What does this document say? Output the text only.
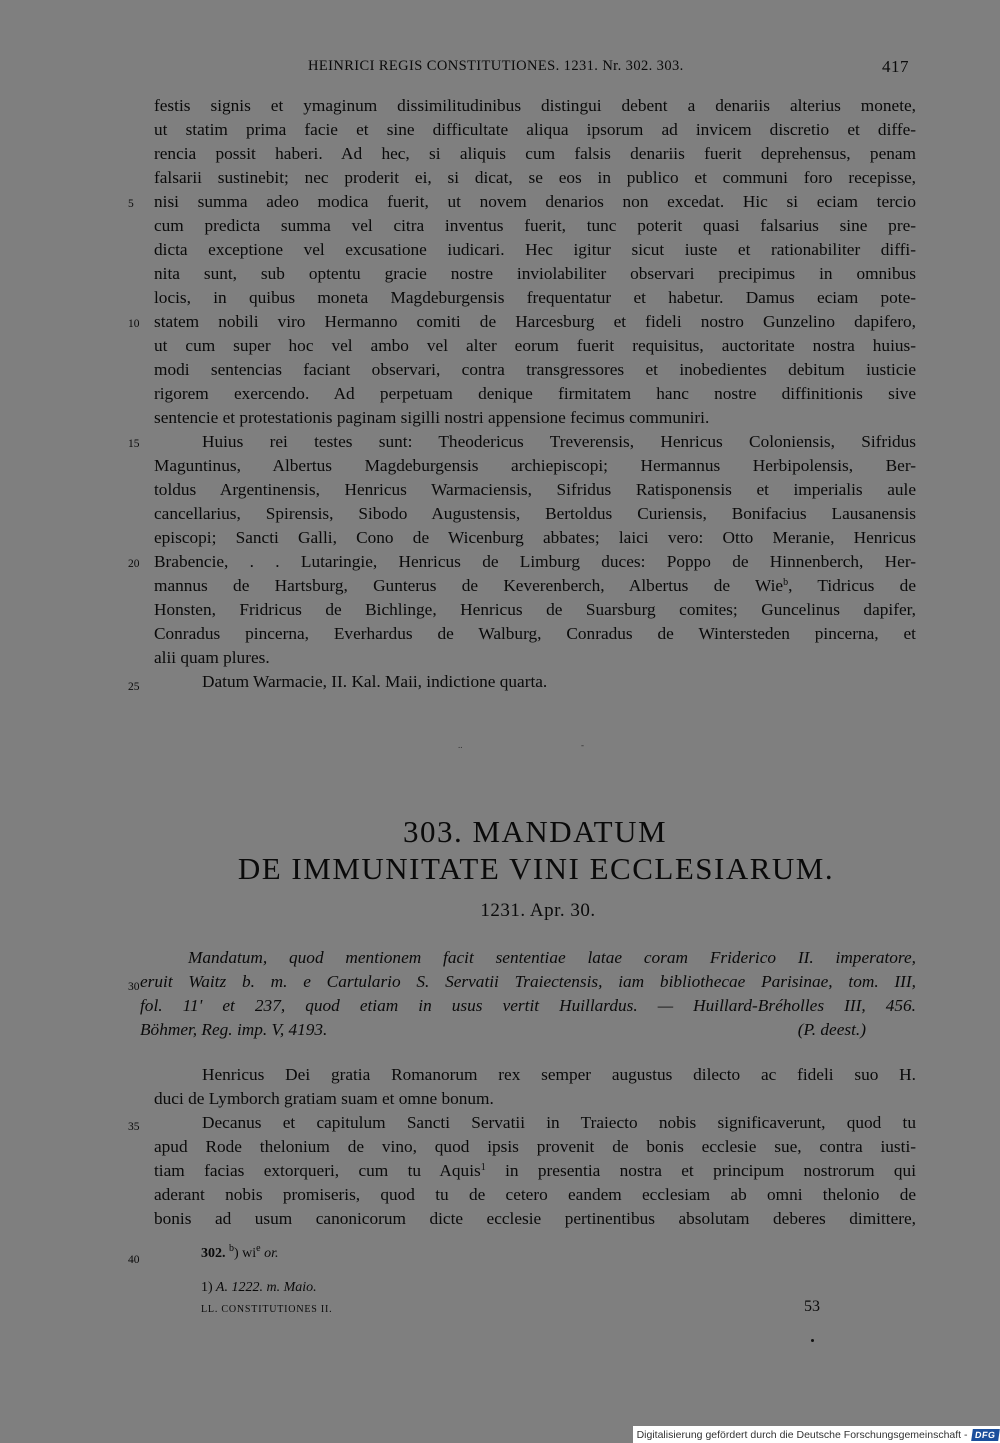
HEINRICI REGIS CONSTITUTIONES. 1231. Nr. 302. 303.	417
5
10
15
20
25
30
35
40
festis signis et ymaginum dissimilitudinibus distingui debent a denariis alterius monete,
ut statim prima facie et sine difficultate aliqua ipsorum ad invicem discretio et diffe-
rencia possit haberi. Ad hec, si aliquis cum falsis denariis fuerit deprehensus, penam
falsarii sustinebit; nec proderit ei, si dicat, se eos in publico et communi foro recepisse,
nisi summa adeo modica fuerit, ut novem denarios non excedat. Hic si eciam tercio
cum predicta summa vel citra inventus fuerit, tunc poterit quasi falsarius sine pre-
dicta exceptione vel excusatione iudicari. Hec igitur sicut iuste et rationabiliter diffi-
nita sunt, sub optentu gracie nostre inviolabiliter observari precipimus in omnibus
locis, in quibus moneta Magdeburgensis frequentatur et habetur. Damus eciam pote-
statem nobili viro Hermanno comiti de Harcesburg et fideli nostro Gunzelino dapifero,
ut cum super hoc vel ambo vel alter eorum fuerit requisitus, auctoritate nostra huius-
modi sentencias faciant observari, contra transgressores et inobedientes debitum iusticie
rigorem exercendo. Ad perpetuam denique firmitatem hanc nostre diffinitionis sive
sentencie et protestationis paginam sigilli nostri appensione fecimus communiri.
Huius rei testes sunt: Theodericus Treverensis, Henricus Coloniensis, Sifridus
Maguntinus, Albertus Magdeburgensis archiepiscopi; Hermannus Herbipolensis, Ber-
toldus Argentinensis, Henricus Warmaciensis, Sifridus Ratisponensis et imperialis aule
cancellarius, Spirensis, Sibodo Augustensis, Bertoldus Curiensis, Bonifacius Lausanensis
episcopi; Sancti Galli, Cono de Wicenburg abbates; laici vero: Otto Meranie, Henricus
Brabencie, . . Lutaringie, Henricus de Limburg duces: Poppo de Hinnenberch, Her-
mannus de Hartsburg, Gunterus de Keverenberch, Albertus de Wie$^b$, Tidricus de
Honsten, Fridricus de Bichlinge, Henricus de Suarsburg comites; Guncelinus dapifer,
Conradus pincerna, Everhardus de Walburg, Conradus de Wintersteden pincerna, et
alii quam plures.
Datum Warmacie, II. Kal. Maii, indictione quarta.
..	-
303. MANDATUM
DE IMMUNITATE VINI ECCLESIARUM.
1231. Apr. 30.
Mandatum, quod mentionem facit sententiae latae coram Friderico II. imperatore,
eruit Waitz b. m. e Cartulario S. Servatii Traiectensis, iam bibliothecae Parisinae, tom. III,
fol. 11' et 237, quod etiam in usus vertit Huillardus. — Huillard-Bréholles III, 456.
Böhmer, Reg. imp. V, 4193.	(P. deest.)
Henricus Dei gratia Romanorum rex semper augustus dilecto ac fideli suo H.
duci de Lymborch gratiam suam et omne bonum.
Decanus et capitulum Sancti Servatii in Traiecto nobis significaverunt, quod tu
apud Rode thelonium de vino, quod ipsis provenit de bonis ecclesie sue, contra iusti-
tiam facias extorqueri, cum tu Aquis$^1$ in presentia nostra et principum nostrorum qui
aderant nobis promiseris, quod tu de cetero eandem ecclesiam ab omni thelonio de
bonis ad usum canonicorum dicte ecclesie pertinentibus absolutam deberes dimittere,
302. $^b$) $wi^e$ or.
1) A. 1222. m. Maio.
LL. CONSTITUTIONES II.	53
Digitalisierung gefördert durch die Deutsche Forschungsgemeinschaft - DFG
